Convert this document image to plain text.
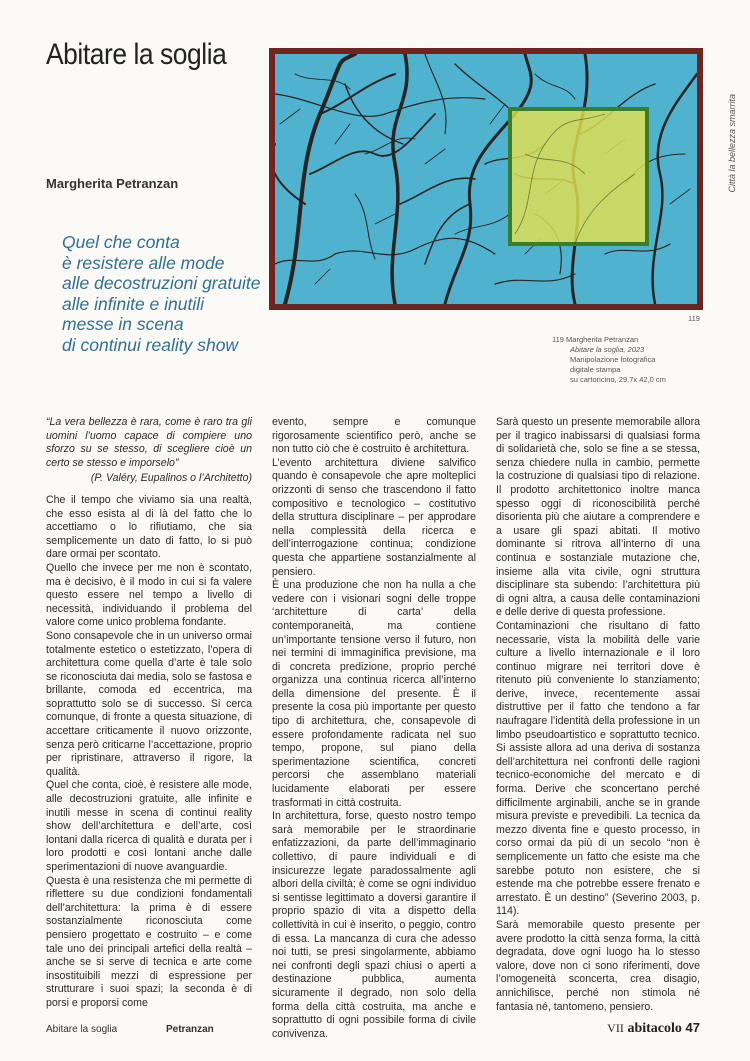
Abitare la soglia
Margherita Petranzan
Quel che conta
è resistere alle mode
alle decostruzioni gratuite
alle infinite e inutili
messe in scena
di continui reality show
119
119 Margherita Petranzan
Abitare la soglia, 2023
Manipolazione fotografica
digitale stampa
su cartoncino, 29,7x 42,0 cm
Città la bellezza smarrita

“La vera bellezza è rara, come è raro tra gli uomini l’uomo capace di compiere uno sforzo su se stesso, di scegliere cioè un certo se stesso e imporselo”

(P. Valéry, Eupalinos o l’Architetto)

Che il tempo che viviamo sia una realtà, che esso esista al di là del fatto che lo accettiamo o lo rifiutiamo, che sia semplicemente un dato di fatto, lo si può dare ormai per scontato.

Quello che invece per me non è scontato, ma è decisivo, è il modo in cui si fa valere questo essere nel tempo a livello di necessità, individuando il problema del valore come unico problema fondante.

Sono consapevole che in un universo ormai totalmente estetico o estetizzato, l’opera di architettura come quella d’arte è tale solo se riconosciuta dai media, solo se fastosa e brillante, comoda ed eccentrica, ma soprattutto solo se di successo. Si cerca comunque, di fronte a questa situazione, di accettare criticamente il nuovo orizzonte, senza però criticarne l’accettazione, proprio per ripristinare, attraverso il rigore, la qualità.

Quel che conta, cioè, è resistere alle mode, alle decostruzioni gratuite, alle infinite e inutili messe in scena di continui reality show dell’architettura e dell’arte, così lontani dalla ricerca di qualità e durata per i loro prodotti e così lontani anche dalle sperimentazioni di nuove avanguardie.

Questa è una resistenza che mi permette di riflettere su due condizioni fondamentali dell’architettura: la prima è di essere sostanzialmente riconosciuta come pensiero progettato e costruito – e come tale uno dei principali artefici della realtà – anche se si serve di tecnica e arte come insostituibili mezzi di espressione per strutturare i suoi spazi; la seconda è di porsi e proporsi come

evento, sempre e comunque rigorosamente scientifico però, anche se non tutto ciò che è costruito è architettura.

L’evento architettura diviene salvifico quando è consapevole che apre molteplici orizzonti di senso che trascendono il fatto compositivo e tecnologico – costitutivo della struttura disciplinare – per approdare nella complessità della ricerca e dell’interrogazione continua; condizione questa che appartiene sostanzialmente al pensiero.

È una produzione che non ha nulla a che vedere con i visionari sogni delle troppe ‘architetture di carta’ della contemporaneità, ma contiene un’importante tensione verso il futuro, non nei termini di immaginifica previsione, ma di concreta predizione, proprio perché organizza una continua ricerca all’interno della dimensione del presente. È il presente la cosa più importante per questo tipo di architettura, che, consapevole di essere profondamente radicata nel suo tempo, propone, sul piano della sperimentazione scientifica, concreti percorsi che assemblano materiali lucidamente elaborati per essere trasformati in città costruita.

In architettura, forse, questo nostro tempo sarà memorabile per le straordinarie enfatizzazioni, da parte dell’immaginario collettivo, di paure individuali e di insicurezze legate paradossalmente agli albori della civiltà; è come se ogni individuo si sentisse legittimato a doversi garantire il proprio spazio di vita a dispetto della collettività in cui è inserito, o peggio, contro di essa. La mancanza di cura che adesso noi tutti, se presi singolarmente, abbiamo nei confronti degli spazi chiusi o aperti a destinazione pubblica, aumenta sicuramente il degrado, non solo della forma della città costruita, ma anche e soprattutto di ogni possibile forma di civile convivenza.

Sarà questo un presente memorabile allora per il tragico inabissarsi di qualsiasi forma di solidarietà che, solo se fine a se stessa, senza chiedere nulla in cambio, permette la costruzione di qualsiasi tipo di relazione. Il prodotto architettonico inoltre manca spesso oggi di riconoscibilità perché disorienta più che aiutare a comprendere e a usare gli spazi abitati. Il motivo dominante si ritrova all’interno di una continua e sostanziale mutazione che, insieme alla vita civile, ogni struttura disciplinare sta subendo: l’architettura più di ogni altra, a causa delle contaminazioni e delle derive di questa professione.

Contaminazioni che risultano di fatto necessarie, vista la mobilità delle varie culture a livello internazionale e il loro continuo migrare nei territori dove è ritenuto più conveniente lo stanziamento; derive, invece, recentemente assai distruttive per il fatto che tendono a far naufragare l’identità della professione in un limbo pseudoartistico e soprattutto tecnico. Si assiste allora ad una deriva di sostanza dell’architettura nei confronti delle ragioni tecnico-economiche del mercato e di forma. Derive che sconcertano perché difficilmente arginabili, anche se in grande misura previste e prevedibili. La tecnica da mezzo diventa fine e questo processo, in corso ormai da più di un secolo “non è semplicemente un fatto che esiste ma che sarebbe potuto non esistere, che si estende ma che potrebbe essere frenato e arrestato. È un destino” (Severino 2003, p. 114).

Sarà memorabile questo presente per avere prodotto la città senza forma, la città degradata, dove ogni luogo ha lo stesso valore, dove non ci sono riferimenti, dove l’omogeneità sconcerta, crea disagio, annichilisce, perché non stimola né fantasia né, tantomeno, pensiero.

Abitare la soglia	Petranzan	VII abitacolo 47
